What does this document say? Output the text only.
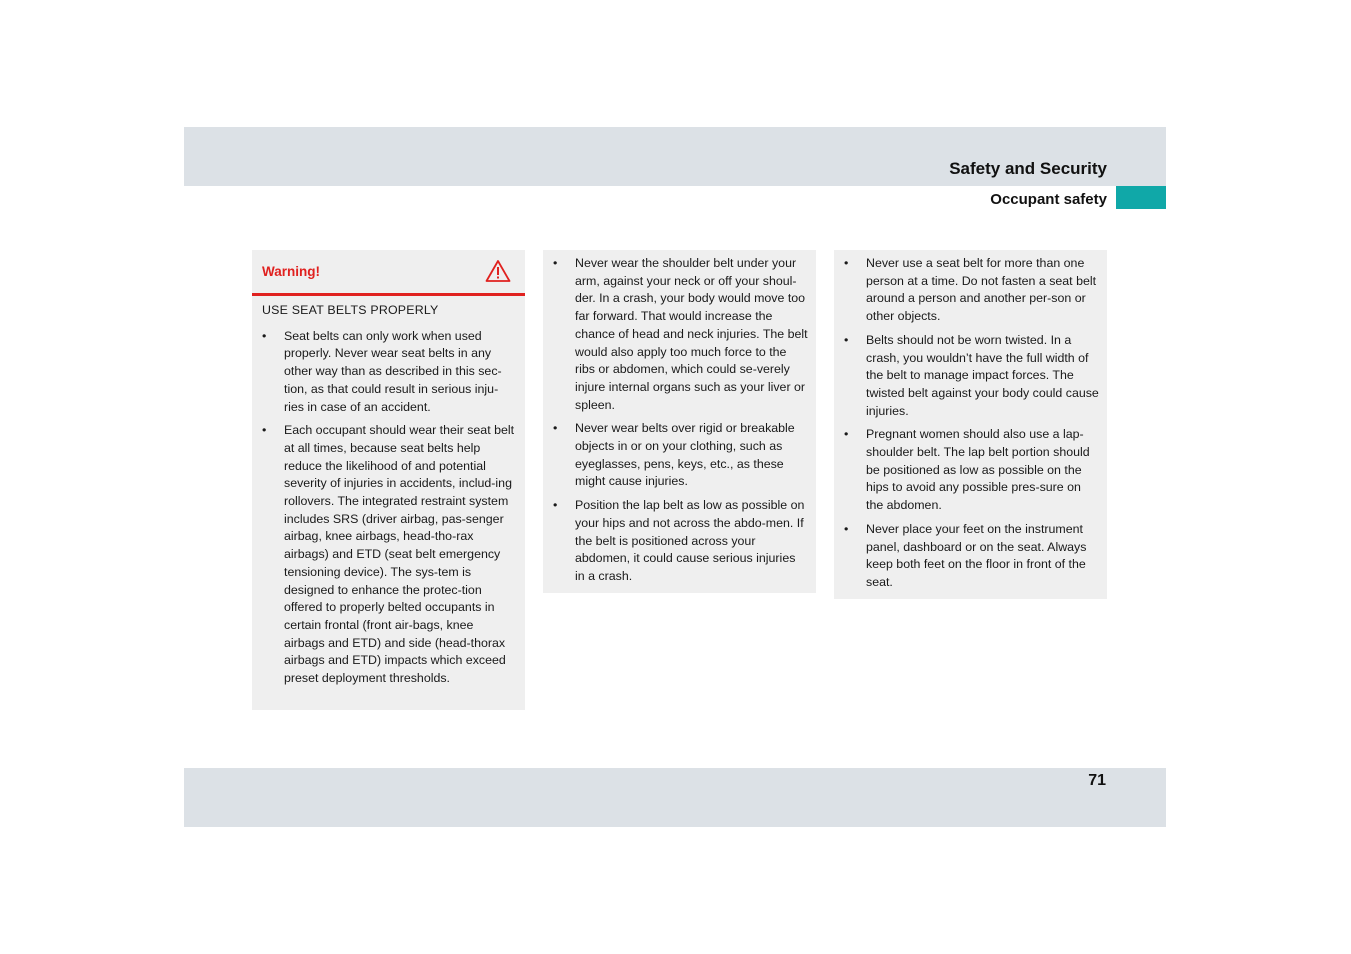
Safety and Security
Occupant safety
Warning!
USE SEAT BELTS PROPERLY
• Seat belts can only work when used properly. Never wear seat belts in any other way than as described in this sec-tion, as that could result in serious inju-ries in case of an accident.
• Each occupant should wear their seat belt at all times, because seat belts help reduce the likelihood of and potential severity of injuries in accidents, includ-ing rollovers. The integrated restraint system includes SRS (driver airbag, pas-senger airbag, knee airbags, head-tho-rax airbags) and ETD (seat belt emergency tensioning device). The sys-tem is designed to enhance the protec-tion offered to properly belted occupants in certain frontal (front air-bags, knee airbags and ETD) and side (head-thorax airbags and ETD) impacts which exceed preset deployment thresholds.
• Never wear the shoulder belt under your arm, against your neck or off your shoul-der. In a crash, your body would move too far forward. That would increase the chance of head and neck injuries. The belt would also apply too much force to the ribs or abdomen, which could se-verely injure internal organs such as your liver or spleen.
• Never wear belts over rigid or breakable objects in or on your clothing, such as eyeglasses, pens, keys, etc., as these might cause injuries.
• Position the lap belt as low as possible on your hips and not across the abdo-men. If the belt is positioned across your abdomen, it could cause serious injuries in a crash.
• Never use a seat belt for more than one person at a time. Do not fasten a seat belt around a person and another per-son or other objects.
• Belts should not be worn twisted. In a crash, you wouldn’t have the full width of the belt to manage impact forces. The twisted belt against your body could cause injuries.
• Pregnant women should also use a lap-shoulder belt. The lap belt portion should be positioned as low as possible on the hips to avoid any possible pres-sure on the abdomen.
• Never place your feet on the instrument panel, dashboard or on the seat. Always keep both feet on the floor in front of the seat.
71
